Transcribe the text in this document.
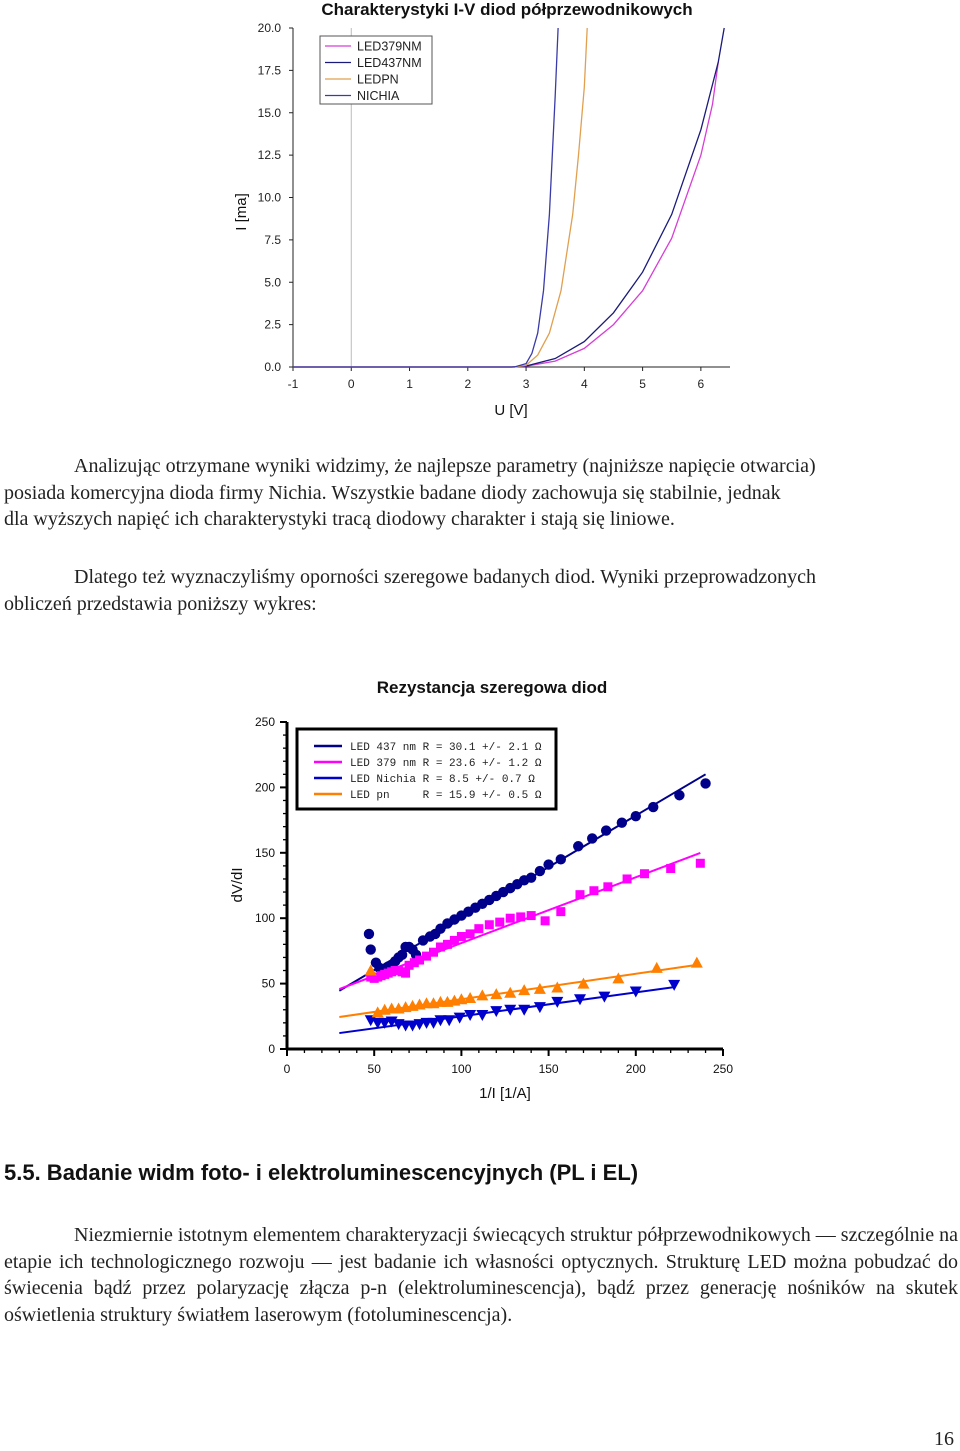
Charakterystyki I-V diod półprzewodnikowych
-1	0	1	2	3	4	5	6
0.0
2.5
5.0
7.5
10.0
12.5
15.0
17.5
20.0
LED379NM
LED437NM
LEDPN
NICHIA
U [V]
I [ma]
Analizując otrzymane wyniki widzimy, że najlepsze parametry (najniższe napięcie otwarcia)
posiada komercyjna dioda firmy Nichia. Wszystkie badane diody zachowuja się stabilnie, jednak
dla wyższych napięć ich charakterystyki tracą diodowy charakter i stają się liniowe.
Dlatego też wyznaczyliśmy oporności szeregowe badanych diod. Wyniki przeprowadzonych
obliczeń przedstawia poniższy wykres:
Rezystancja szeregowa diod
0	50	100	150	200	250
0
50
100
150
200
250
LED 437 nm R = 30.1 +/- 2.1 Ω
LED 379 nm R = 23.6 +/- 1.2 Ω
LED Nichia R = 8.5 +/- 0.7 Ω
LED pn     R = 15.9 +/- 0.5 Ω
1/I [1/A]
dV/dI
5.5. Badanie widm foto- i elektroluminescencyjnych (PL i EL)

Niezmiernie istotnym elementem charakteryzacji świecących struktur półprzewodnikowych — szczególnie na etapie ich technologicznego rozwoju — jest badanie ich własności optycznych. Strukturę LED można pobudzać do świecenia bądź przez polaryzację złącza p-n (elektroluminescencja), bądź przez generację nośników na skutek oświetlenia struktury światłem laserowym (fotoluminescencja).

16
